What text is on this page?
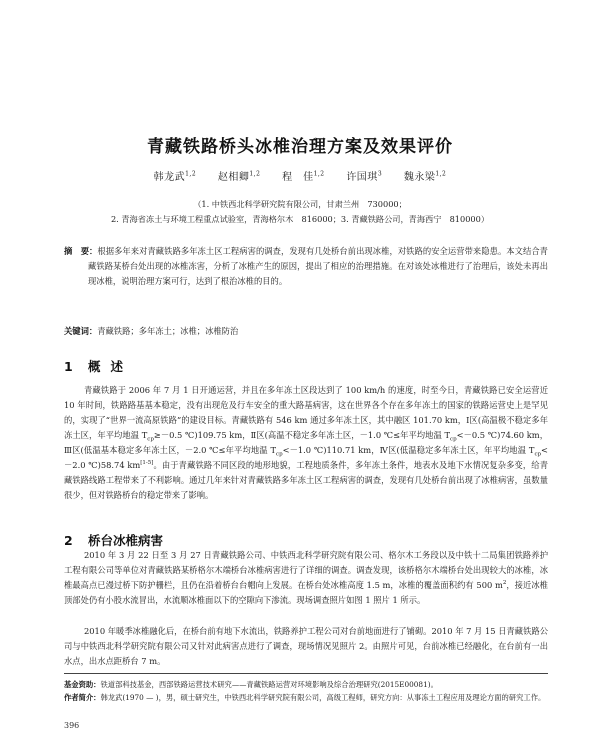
青藏铁路桥头冰椎治理方案及效果评价
韩龙武$^{1,2}$ 赵相卿$^{1,2}$ 程　佳$^{1,2}$ 许国琪$^3$ 魏永梁$^{1,2}$
（1. 中铁西北科学研究院有限公司，甘肃兰州　730000；
2. 青海省冻土与环境工程重点试验室，青海格尔木　816000；3. 青藏铁路公司，青海西宁　810000）
摘　要：根据多年来对青藏铁路多年冻土区工程病害的调查，发现有几处桥台前出现冰椎，对铁路的安全运营带来隐患。本文结合青藏铁路某桥台处出现的冰椎冻害，分析了冰椎产生的原因，提出了相应的治理措施。在对该处冰椎进行了治理后，该处未再出现冰椎，说明治理方案可行，达到了根治冰椎的目的。
关键词：青藏铁路；多年冻土；冰椎；冰椎防治
1 概述

青藏铁路于 2006 年 7 月 1 日开通运营，并且在多年冻土区段达到了 100 km/h 的速度，时至今日，青藏铁路已安全运营近 10 年时间，铁路路基基本稳定，没有出现危及行车安全的重大路基病害，这在世界各个存在多年冻土的国家的铁路运营史上是罕见的，实现了“世界一流高原铁路”的建设目标。青藏铁路有 546 km 通过多年冻土区，其中融区 101.70 km，Ⅰ区(高温极不稳定多年冻土区，年平均地温 $T_{cp}\ge-0.5$ ℃)109.75 km，Ⅱ区(高温不稳定多年冻土区，－1.0 ℃≤年平均地温 $T_{cp}<-0.5$ ℃)74.60 km，Ⅲ区(低温基本稳定多年冻土区，－2.0 ℃≤年平均地温 $T_{cp}<-1.0$ ℃)110.71 km，Ⅳ区(低温稳定多年冻土区，年平均地温 $T_{cp}<-2.0$ ℃)58.74 km[1-5]。由于青藏铁路不同区段的地形地貌，工程地质条件，多年冻土条件，地表水及地下水情况复杂多变，给青藏铁路线路工程带来了不利影响。通过几年来针对青藏铁路多年冻土区工程病害的调查，发现有几处桥台前出现了冰椎病害，虽数量很少，但对铁路桥台的稳定带来了影响。

2 桥台冰椎病害

2010 年 3 月 22 日至 3 月 27 日青藏铁路公司、中铁西北科学研究院有限公司、格尔木工务段以及中铁十二局集团铁路养护工程有限公司等单位对青藏铁路某桥格尔木端桥台冰椎病害进行了详细的调查。调查发现，该桥格尔木端桥台处出现较大的冰椎，冰椎最高点已漫过桥下防护栅栏，且仍在沿着桥台台帽向上发展。在桥台处冰椎高度 1.5 m，冰椎的覆盖面积约有 500 $m^2$，接近冰椎顶部处仍有小股水流冒出，水流顺冰椎面以下的空隙向下渗流。现场调查照片如图 1 照片 1 所示。

2010 年暖季冰椎融化后，在桥台前有地下水流出，铁路养护工程公司对台前地面进行了铺砌。2010 年 7 月 15 日青藏铁路公司与中铁西北科学研究院有限公司又针对此病害点进行了调查，现场情况见照片 2。由照片可见，台前冰椎已经融化，在台前有一出水点，出水点距桥台 7 m。

基金资助：铁道部科技基金，西部铁路运营技术研究——青藏铁路运营对环境影响及综合治理研究(2015E00081)。

作者简介：韩龙武(1970 — )，男，硕士研究生，中铁西北科学研究院有限公司，高级工程师，研究方向：从事冻土工程应用及理论方面的研究工作。

396
